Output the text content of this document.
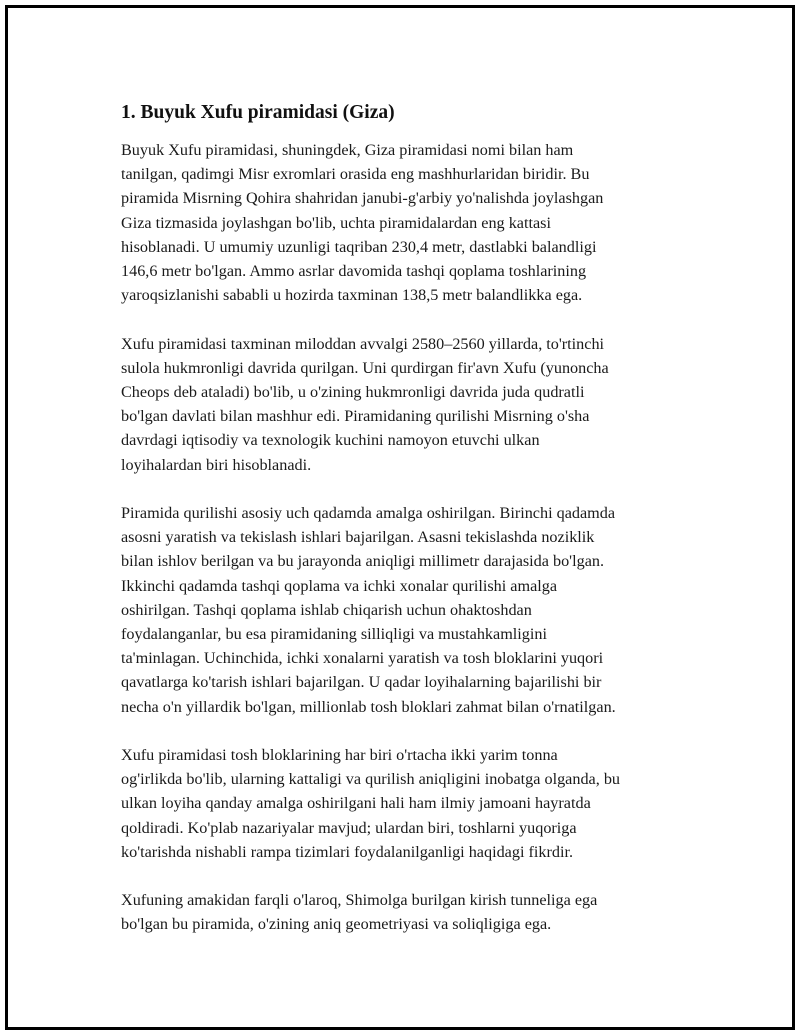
1. Buyuk Xufu piramidasi (Giza)

Buyuk Xufu piramidasi, shuningdek, Giza piramidasi nomi bilan ham
tanilgan, qadimgi Misr exromlari orasida eng mashhurlaridan biridir. Bu
piramida Misrning Qohira shahridan janubi-g'arbiy yo'nalishda joylashgan
Giza tizmasida joylashgan bo'lib, uchta piramidalardan eng kattasi
hisoblanadi. U umumiy uzunligi taqriban 230,4 metr, dastlabki balandligi
146,6 metr bo'lgan. Ammo asrlar davomida tashqi qoplama toshlarining
yaroqsizlanishi sababli u hozirda taxminan 138,5 metr balandlikka ega.

Xufu piramidasi taxminan miloddan avvalgi 2580–2560 yillarda, to'rtinchi
sulola hukmronligi davrida qurilgan. Uni qurdirgan fir'avn Xufu (yunoncha
Cheops deb ataladi) bo'lib, u o'zining hukmronligi davrida juda qudratli
bo'lgan davlati bilan mashhur edi. Piramidaning qurilishi Misrning o'sha
davrdagi iqtisodiy va texnologik kuchini namoyon etuvchi ulkan
loyihalardan biri hisoblanadi.

Piramida qurilishi asosiy uch qadamda amalga oshirilgan. Birinchi qadamda
asosni yaratish va tekislash ishlari bajarilgan. Asasni tekislashda noziklik
bilan ishlov berilgan va bu jarayonda aniqligi millimetr darajasida bo'lgan.
Ikkinchi qadamda tashqi qoplama va ichki xonalar qurilishi amalga
oshirilgan. Tashqi qoplama ishlab chiqarish uchun ohaktoshdan
foydalanganlar, bu esa piramidaning silliqligi va mustahkamligini
ta'minlagan. Uchinchida, ichki xonalarni yaratish va tosh bloklarini yuqori
qavatlarga ko'tarish ishlari bajarilgan. U qadar loyihalarning bajarilishi bir
necha o'n yillardik bo'lgan, millionlab tosh bloklari zahmat bilan o'rnatilgan.

Xufu piramidasi tosh bloklarining har biri o'rtacha ikki yarim tonna
og'irlikda bo'lib, ularning kattaligi va qurilish aniqligini inobatga olganda, bu
ulkan loyiha qanday amalga oshirilgani hali ham ilmiy jamoani hayratda
qoldiradi. Ko'plab nazariyalar mavjud; ulardan biri, toshlarni yuqoriga
ko'tarishda nishabli rampa tizimlari foydalanilganligi haqidagi fikrdir.

Xufuning amakidan farqli o'laroq, Shimolga burilgan kirish tunneliga ega
bo'lgan bu piramida, o'zining aniq geometriyasi va soliqligiga ega.
